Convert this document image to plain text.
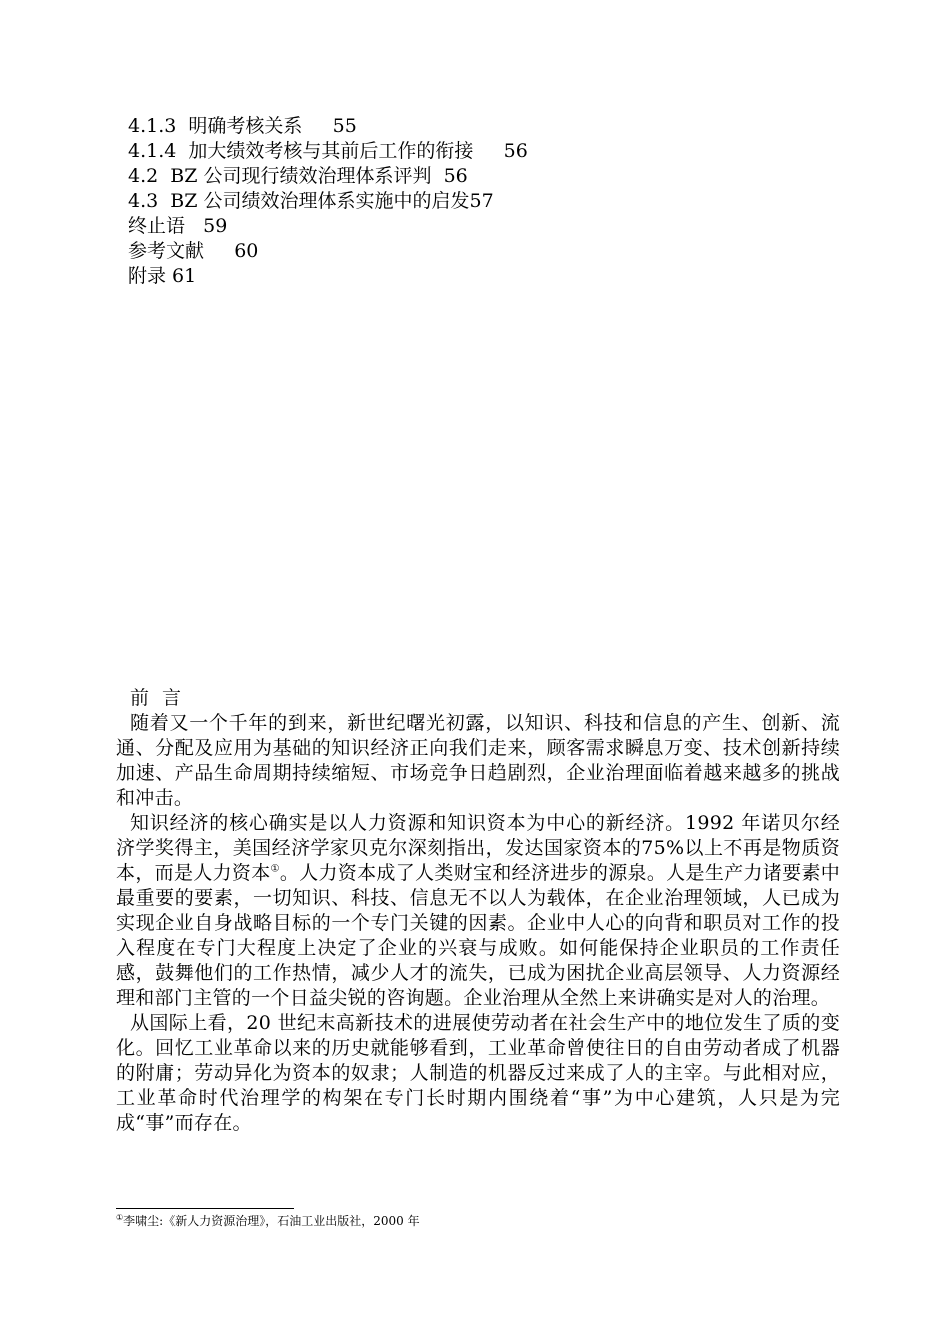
4.1.3  明确考核关系     55
4.1.4  加大绩效考核与其前后工作的衔接     56
4.2  BZ 公司现行绩效治理体系评判  56
4.3  BZ 公司绩效治理体系实施中的启发57
终止语   59
参考文献     60
附录 61
前  言

随着又一个千年的到来，新世纪曙光初露，以知识、科技和信息的产生、创新、流通、分配及应用为基础的知识经济正向我们走来，顾客需求瞬息万变、技术创新持续加速、产品生命周期持续缩短、市场竞争日趋剧烈，企业治理面临着越来越多的挑战和冲击。

知识经济的核心确实是以人力资源和知识资本为中心的新经济。1992 年诺贝尔经济学奖得主，美国经济学家贝克尔深刻指出，发达国家资本的75%以上不再是物质资本，而是人力资本①。人力资本成了人类财宝和经济进步的源泉。人是生产力诸要素中最重要的要素，一切知识、科技、信息无不以人为载体，在企业治理领域，人已成为实现企业自身战略目标的一个专门关键的因素。企业中人心的向背和职员对工作的投入程度在专门大程度上决定了企业的兴衰与成败。如何能保持企业职员的工作责任感，鼓舞他们的工作热情，减少人才的流失，已成为困扰企业高层领导、人力资源经理和部门主管的一个日益尖锐的咨询题。企业治理从全然上来讲确实是对人的治理。

从国际上看，20 世纪末高新技术的进展使劳动者在社会生产中的地位发生了质的变化。回忆工业革命以来的历史就能够看到，工业革命曾使往日的自由劳动者成了机器的附庸；劳动异化为资本的奴隶；人制造的机器反过来成了人的主宰。与此相对应，工业革命时代治理学的构架在专门长时期内围绕着“事”为中心建筑，人只是为完成“事”而存在。

①李啸尘:《新人力资源治理》，石油工业出版社，2000 年
